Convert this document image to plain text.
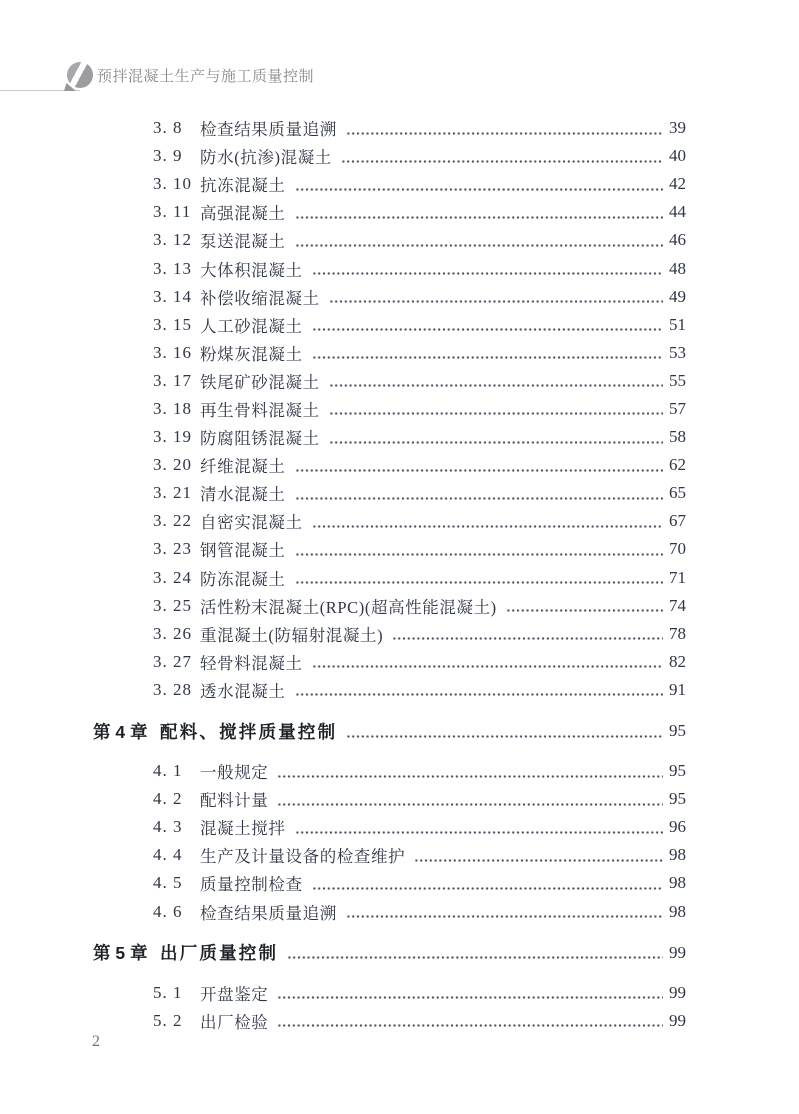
预拌混凝土生产与施工质量控制
3. 8	检查结果质量追溯	39
3. 9	防水(抗渗)混凝土	40
3. 10 抗冻混凝土	42
3. 11 高强混凝土	44
3. 12 泵送混凝土	46
3. 13 大体积混凝土	48
3. 14 补偿收缩混凝土	49
3. 15 人工砂混凝土	51
3. 16 粉煤灰混凝土	53
3. 17 铁尾矿砂混凝土	55
3. 18 再生骨料混凝土	57
3. 19 防腐阻锈混凝土	58
3. 20 纤维混凝土	62
3. 21 清水混凝土	65
3. 22 自密实混凝土	67
3. 23 钢管混凝土	70
3. 24 防冻混凝土	71
3. 25 活性粉末混凝土(RPC)(超高性能混凝土)	74
3. 26 重混凝土(防辐射混凝土)	78
3. 27 轻骨料混凝土	82
3. 28 透水混凝土	91
第 4 章 配料、搅拌质量控制	95
4. 1	一般规定	95
4. 2	配料计量	95
4. 3	混凝土搅拌	96
4. 4	生产及计量设备的检查维护	98
4. 5	质量控制检查	98
4. 6	检查结果质量追溯	98
第 5 章 出厂质量控制	99
5. 1	开盘鉴定	99
5. 2	出厂检验	99
2
